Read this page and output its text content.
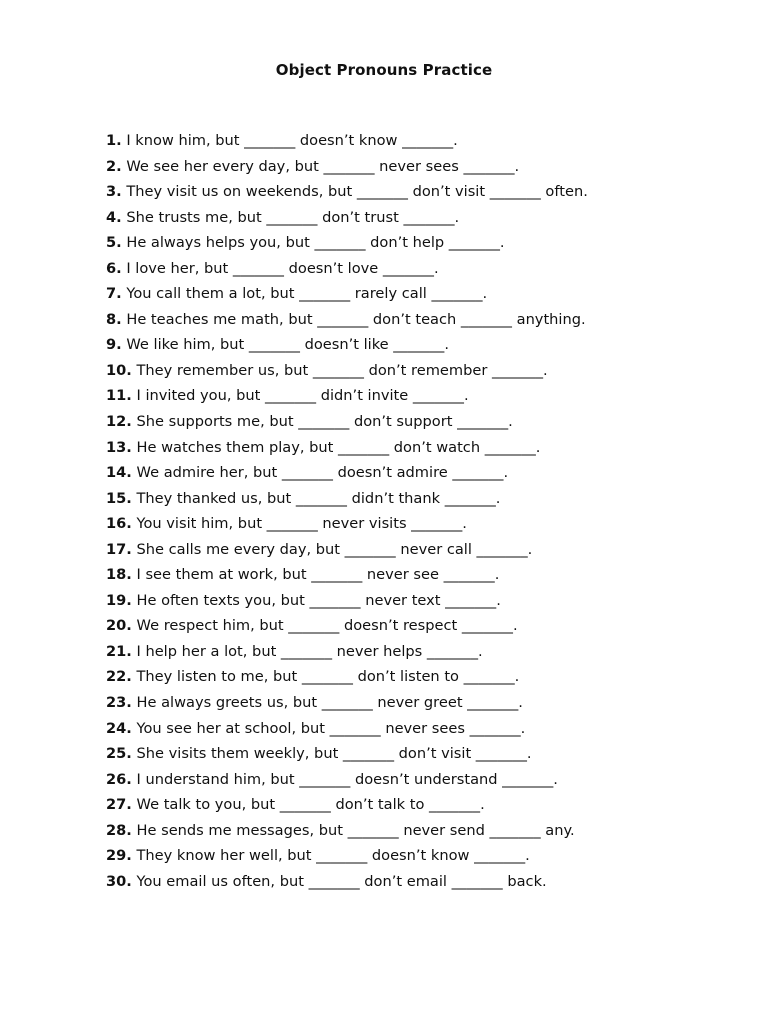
Object Pronouns Practice
1. I know him, but _______ doesn’t know _______.
2. We see her every day, but _______ never sees _______.
3. They visit us on weekends, but _______ don’t visit _______ often.
4. She trusts me, but _______ don’t trust _______.
5. He always helps you, but _______ don’t help _______.
6. I love her, but _______ doesn’t love _______.
7. You call them a lot, but _______ rarely call _______.
8. He teaches me math, but _______ don’t teach _______ anything.
9. We like him, but _______ doesn’t like _______.
10. They remember us, but _______ don’t remember _______.
11. I invited you, but _______ didn’t invite _______.
12. She supports me, but _______ don’t support _______.
13. He watches them play, but _______ don’t watch _______.
14. We admire her, but _______ doesn’t admire _______.
15. They thanked us, but _______ didn’t thank _______.
16. You visit him, but _______ never visits _______.
17. She calls me every day, but _______ never call _______.
18. I see them at work, but _______ never see _______.
19. He often texts you, but _______ never text _______.
20. We respect him, but _______ doesn’t respect _______.
21. I help her a lot, but _______ never helps _______.
22. They listen to me, but _______ don’t listen to _______.
23. He always greets us, but _______ never greet _______.
24. You see her at school, but _______ never sees _______.
25. She visits them weekly, but _______ don’t visit _______.
26. I understand him, but _______ doesn’t understand _______.
27. We talk to you, but _______ don’t talk to _______.
28. He sends me messages, but _______ never send _______ any.
29. They know her well, but _______ doesn’t know _______.
30. You email us often, but _______ don’t email _______ back.
